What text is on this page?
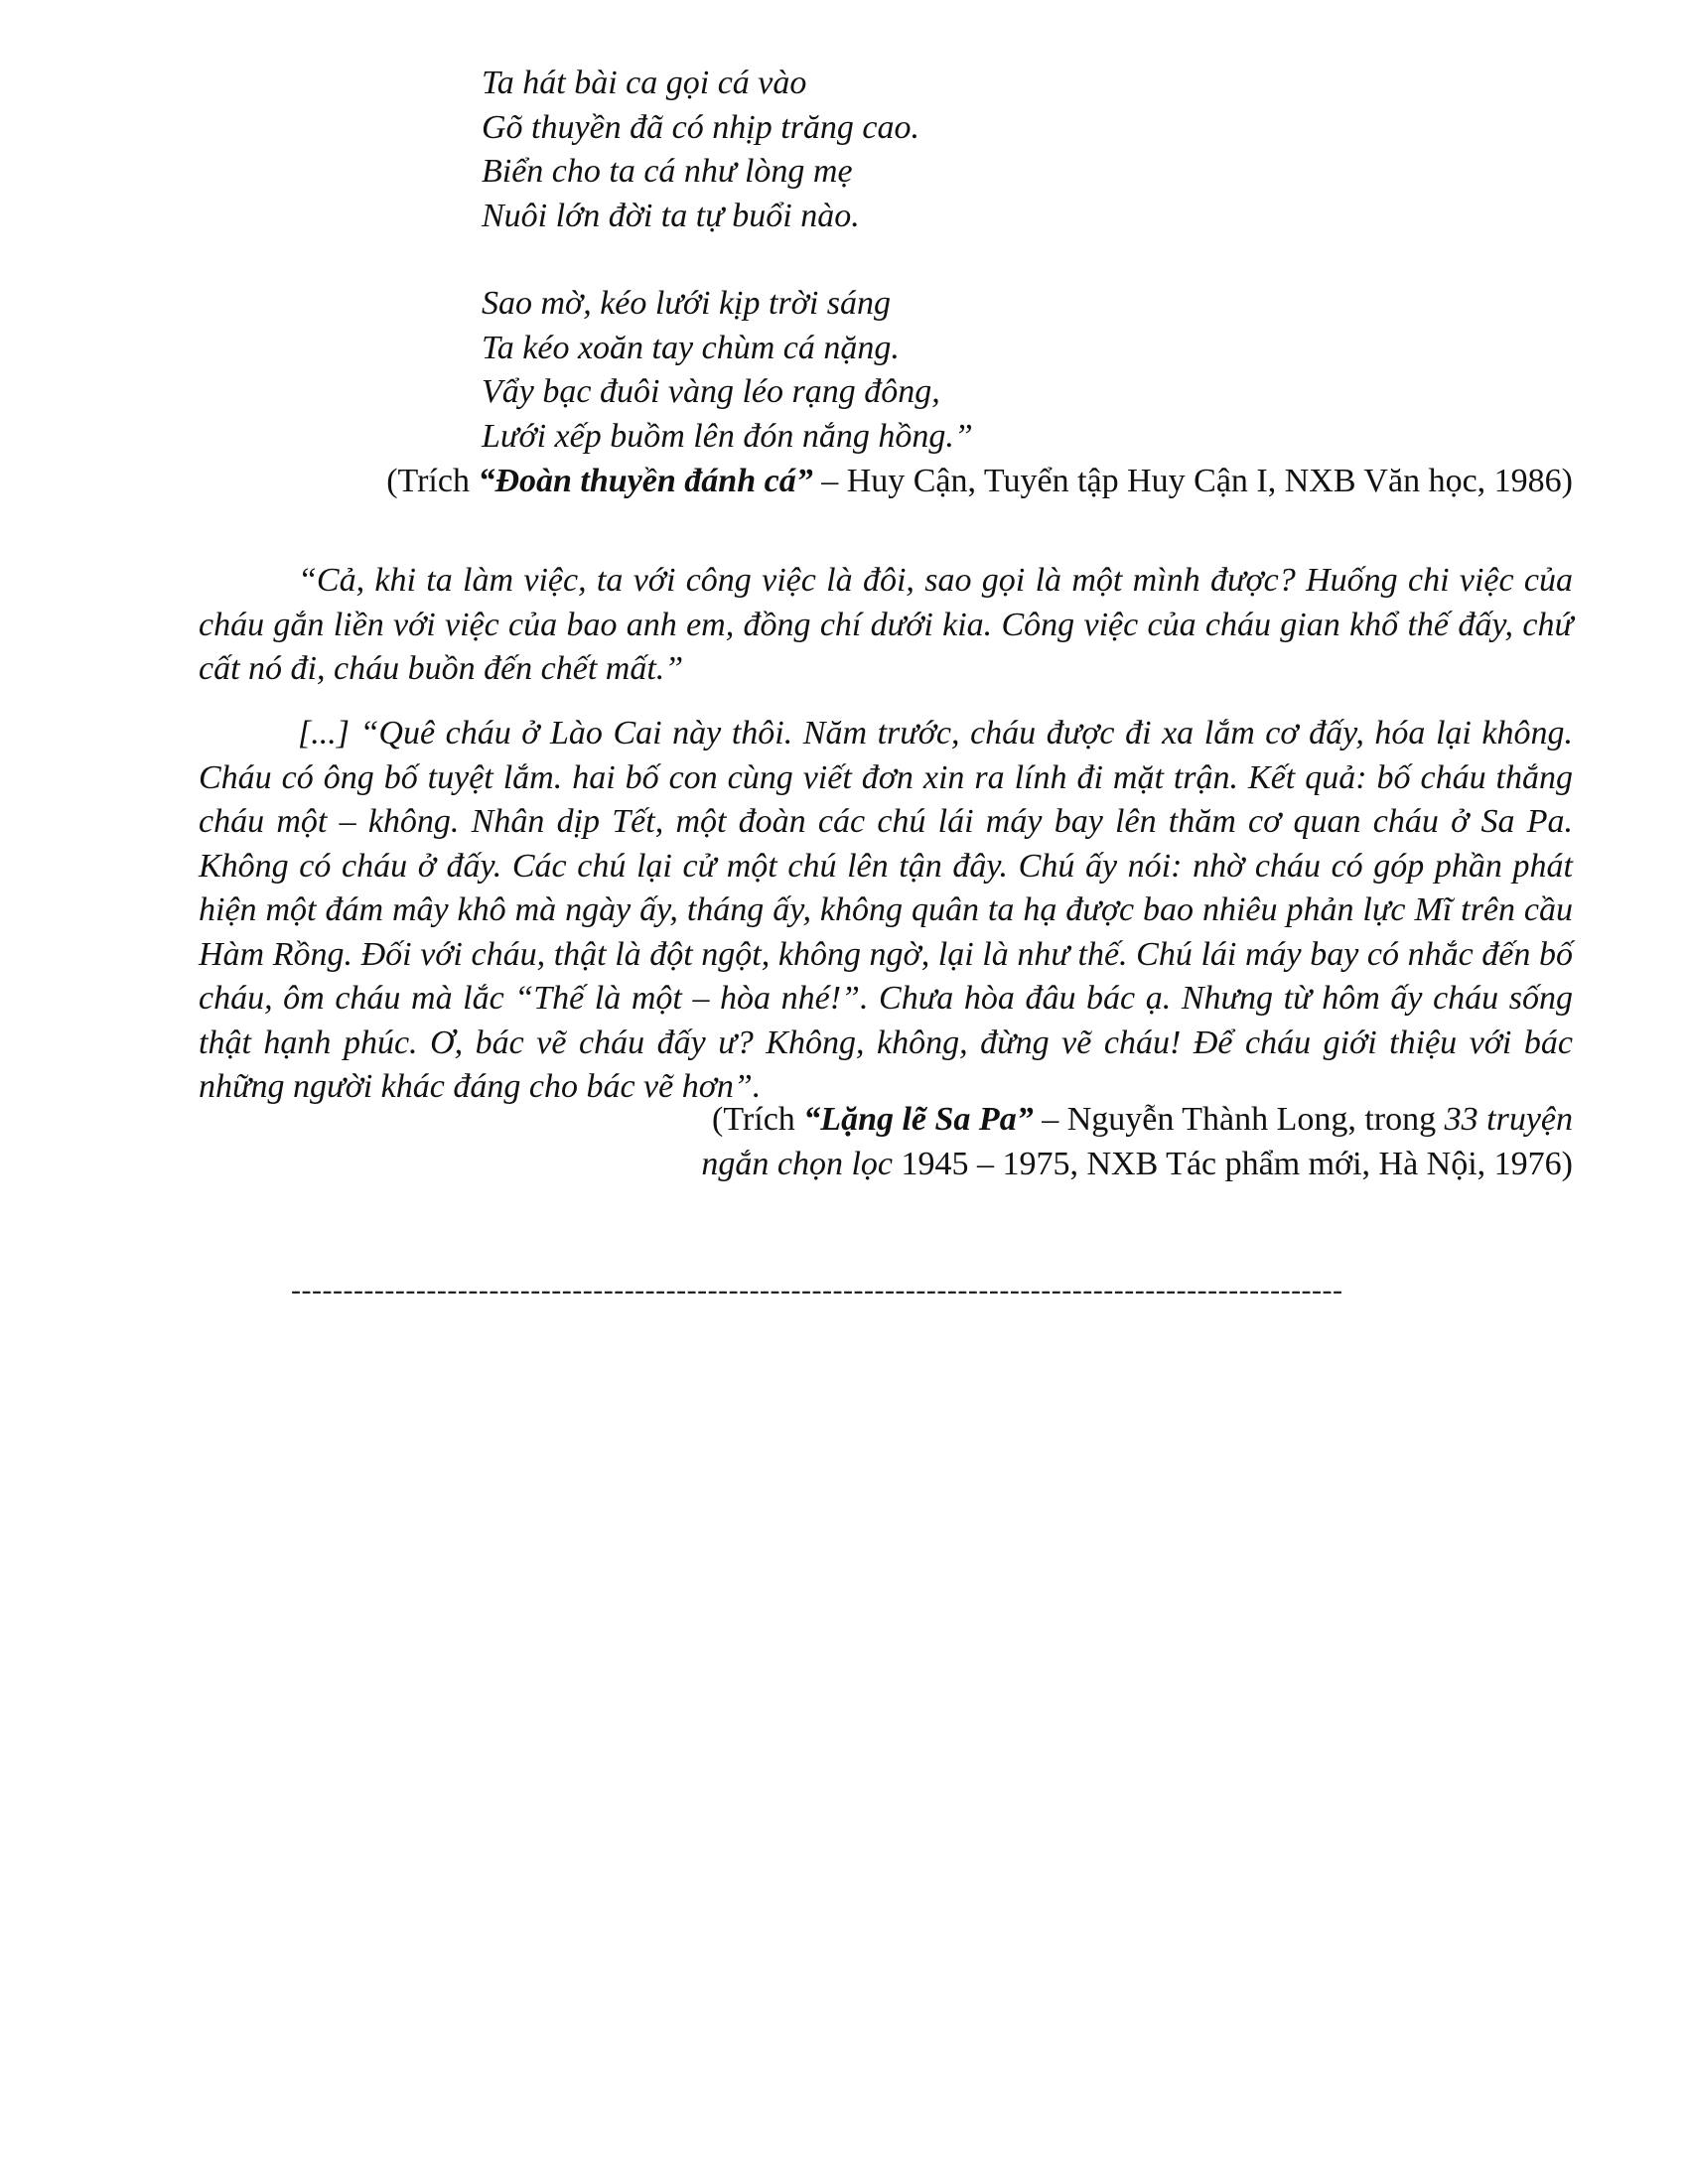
Ta hát bài ca gọi cá vào
Gõ thuyền đã có nhịp trăng cao.
Biển cho ta cá như lòng mẹ
Nuôi lớn đời ta tự buổi nào.
Sao mờ, kéo lưới kịp trời sáng
Ta kéo xoăn tay chùm cá nặng.
Vẩy bạc đuôi vàng léo rạng đông,
Lưới xếp buồm lên đón nắng hồng.”
(Trích “Đoàn thuyền đánh cá” – Huy Cận, Tuyển tập Huy Cận I, NXB Văn học, 1986)

“Cả, khi ta làm việc, ta với công việc là đôi, sao gọi là một mình được? Huống chi việc của cháu gắn liền với việc của bao anh em, đồng chí dưới kia. Công việc của cháu gian khổ thế đấy, chứ cất nó đi, cháu buồn đến chết mất.”

[...] “Quê cháu ở Lào Cai này thôi. Năm trước, cháu được đi xa lắm cơ đấy, hóa lại không. Cháu có ông bố tuyệt lắm. hai bố con cùng viết đơn xin ra lính đi mặt trận. Kết quả: bố cháu thắng cháu một – không. Nhân dịp Tết, một đoàn các chú lái máy bay lên thăm cơ quan cháu ở Sa Pa. Không có cháu ở đấy. Các chú lại cử một chú lên tận đây. Chú ấy nói: nhờ cháu có góp phần phát hiện một đám mây khô mà ngày ấy, tháng ấy, không quân ta hạ được bao nhiêu phản lực Mĩ trên cầu Hàm Rồng. Đối với cháu, thật là đột ngột, không ngờ, lại là như thế. Chú lái máy bay có nhắc đến bố cháu, ôm cháu mà lắc “Thế là một – hòa nhé!”. Chưa hòa đâu bác ạ. Nhưng từ hôm ấy cháu sống thật hạnh phúc. Ơ, bác vẽ cháu đấy ư? Không, không, đừng vẽ cháu! Để cháu giới thiệu với bác những người khác đáng cho bác vẽ hơn”.

(Trích “Lặng lẽ Sa Pa” – Nguyễn Thành Long, trong 33 truyện
ngắn chọn lọc 1945 – 1975, NXB Tác phẩm mới, Hà Nội, 1976)
-----------------------------------------------------------------------------------------------------
